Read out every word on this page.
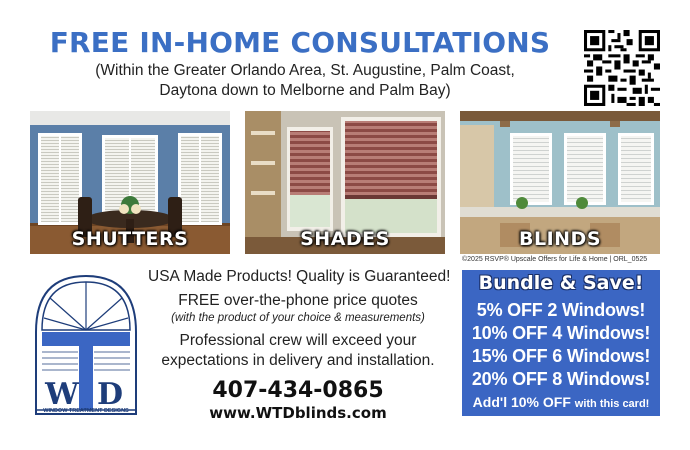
FREE IN-HOME CONSULTATIONS
(Within the Greater Orlando Area, St. Augustine, Palm Coast,
Daytona down to Melborne and Palm Bay)
SHUTTERS	SHADES	BLINDS
©2025 RSVP® Upscale Offers for Life & Home | ORL_0525
W D
WINDOW TREATMENT DESIGNS
USA Made Products! Quality is Guaranteed!
FREE over-the-phone price quotes
(with the product of your choice & measurements)
Professional crew will exceed your
expectations in delivery and installation.
407-434-0865
www.WTDblinds.com
Bundle & Save!
5% OFF 2 Windows!
10% OFF 4 Windows!
15% OFF 6 Windows!
20% OFF 8 Windows!
Add'l 10% OFF with this card!
